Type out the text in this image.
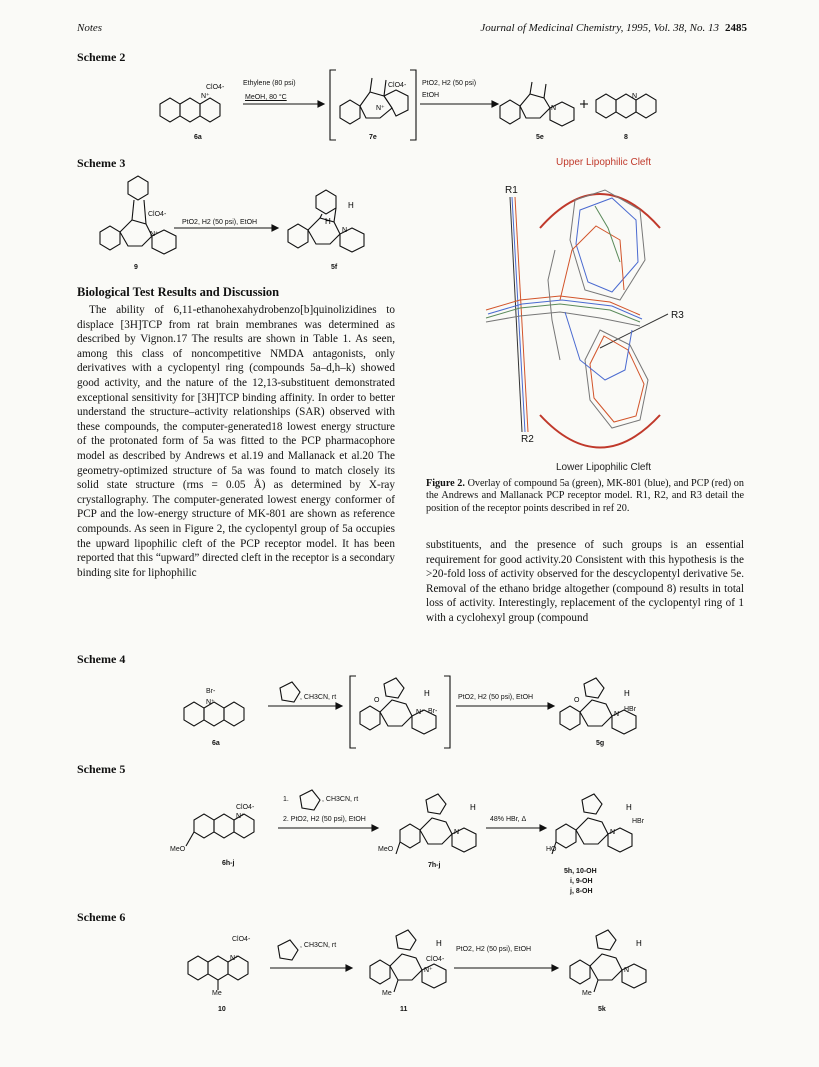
Notes	Journal of Medicinal Chemistry, 1995, Vol. 38, No. 13 2485
Scheme 2
N⁺
N⁺	N
N
Ethylene (80 psi)
MeOH, 80 °C
PtO2, H2 (50 psi)
EtOH
ClO4-	ClO4-
6a	7e	5e	8
Scheme 3
N⁺
N
H
H
PtO2, H2 (50 psi), EtOH
ClO4-
9	5f
Biological Test Results and Discussion

The ability of 6,11-ethanohexahydrobenzo[b]quinolizidines to displace [3H]TCP from rat brain membranes was determined as described by Vignon.17 The results are shown in Table 1. As seen, among this class of noncompetitive NMDA antagonists, only derivatives with a cyclopentyl ring (compounds 5a–d,h–k) showed good activity, and the nature of the 12,13-substituent demonstrated exceptional sensitivity for [3H]TCP binding affinity. In order to better understand the structure–activity relationships (SAR) observed with these compounds, the computer-generated18 lowest energy structure of the protonated form of 5a was fitted to the PCP pharmacophore model as described by Andrews et al.19 and Mallanack et al.20 The geometry-optimized structure of 5a was found to match closely its solid state structure (rms = 0.05 Å) as determined by X-ray crystallography. The computer-generated lowest energy conformer of PCP and the low-energy structure of MK-801 are shown as reference compounds. As seen in Figure 2, the cyclopentyl group of 5a occupies the upward lipophilic cleft of the PCP receptor model. It has been reported that this “upward” directed cleft in the receptor is a secondary binding site for liphophilic

Upper Lipophilic Cleft
Lower Lipophilic Cleft
R1
R2
R3
Figure 2. Overlay of compound 5a (green), MK-801 (blue), and PCP (red) on the Andrews and Mallanack PCP receptor model. R1, R2, and R3 detail the position of the receptor points described in ref 20.

substituents, and the presence of such groups is an essential requirement for good activity.20 Consistent with this hypothesis is the >20-fold loss of activity observed for the descyclopentyl derivative 5e. Removal of the ethano bridge altogether (compound 8) results in total loss of activity. Interestingly, replacement of the cyclopentyl ring of 1 with a cyclohexyl group (compound

Scheme 4
N⁺
N⁺	N
H	H
O	O
, CH3CN, rt	PtO2, H2 (50 psi), EtOH
Br-
Br-	HBr
6a	5g
Scheme 5
N⁺
N	N
H	H
1.	, CH3CN, rt
2. PtO2, H2 (50 psi), EtOH	48% HBr, Δ
ClO4-
HBr
MeO	MeO	HO
6h-j	7h-j
5h, 10-OH
i, 9-OH
j, 8-OH
Scheme 6
N⁺
N⁺	N
H	H
, CH3CN, rt
PtO2, H2 (50 psi), EtOH
ClO4-
ClO4-
Me	Me	Me
10	11	5k
